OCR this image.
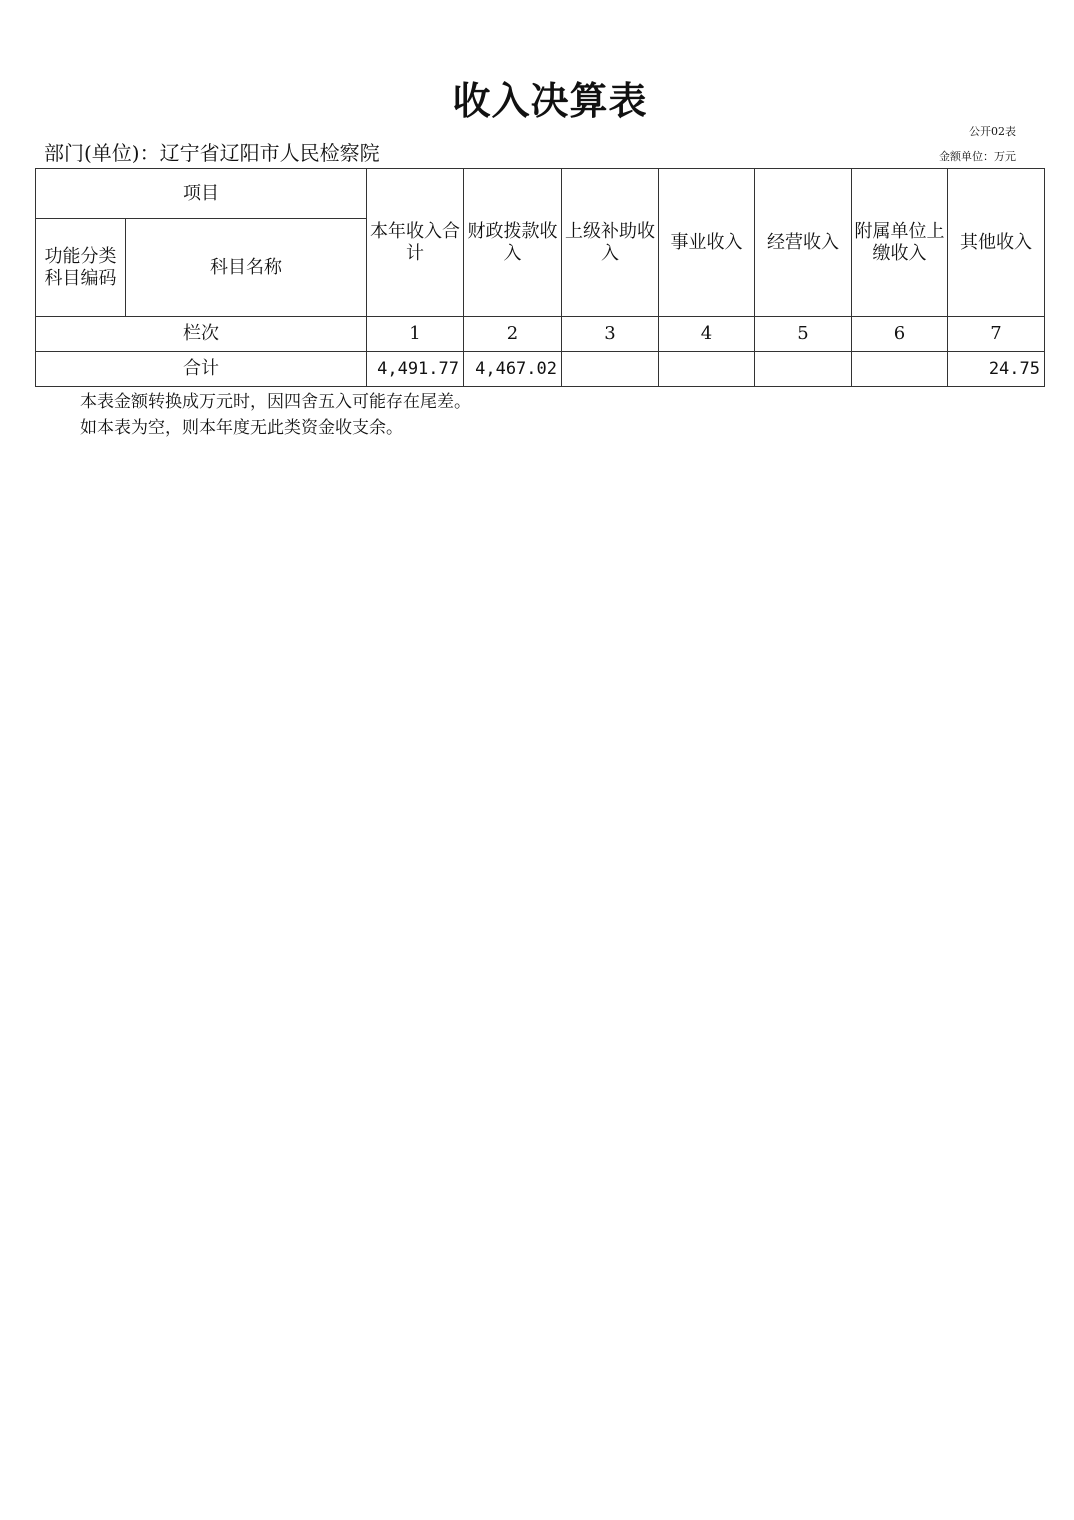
收入决算表
公开02表
金额单位：万元
部门(单位)：辽宁省辽阳市人民检察院
项目		本年收入合计	财政拨款收入	上级补助收入	事业收入	经营收入	附属单位上缴收入	其他收入
功能分类科目编码	科目名称							
栏次		1	2	3	4	5	6	7
合计		4,491.77	4,467.02					24.75
本表金额转换成万元时，因四舍五入可能存在尾差。
如本表为空，则本年度无此类资金收支余。
